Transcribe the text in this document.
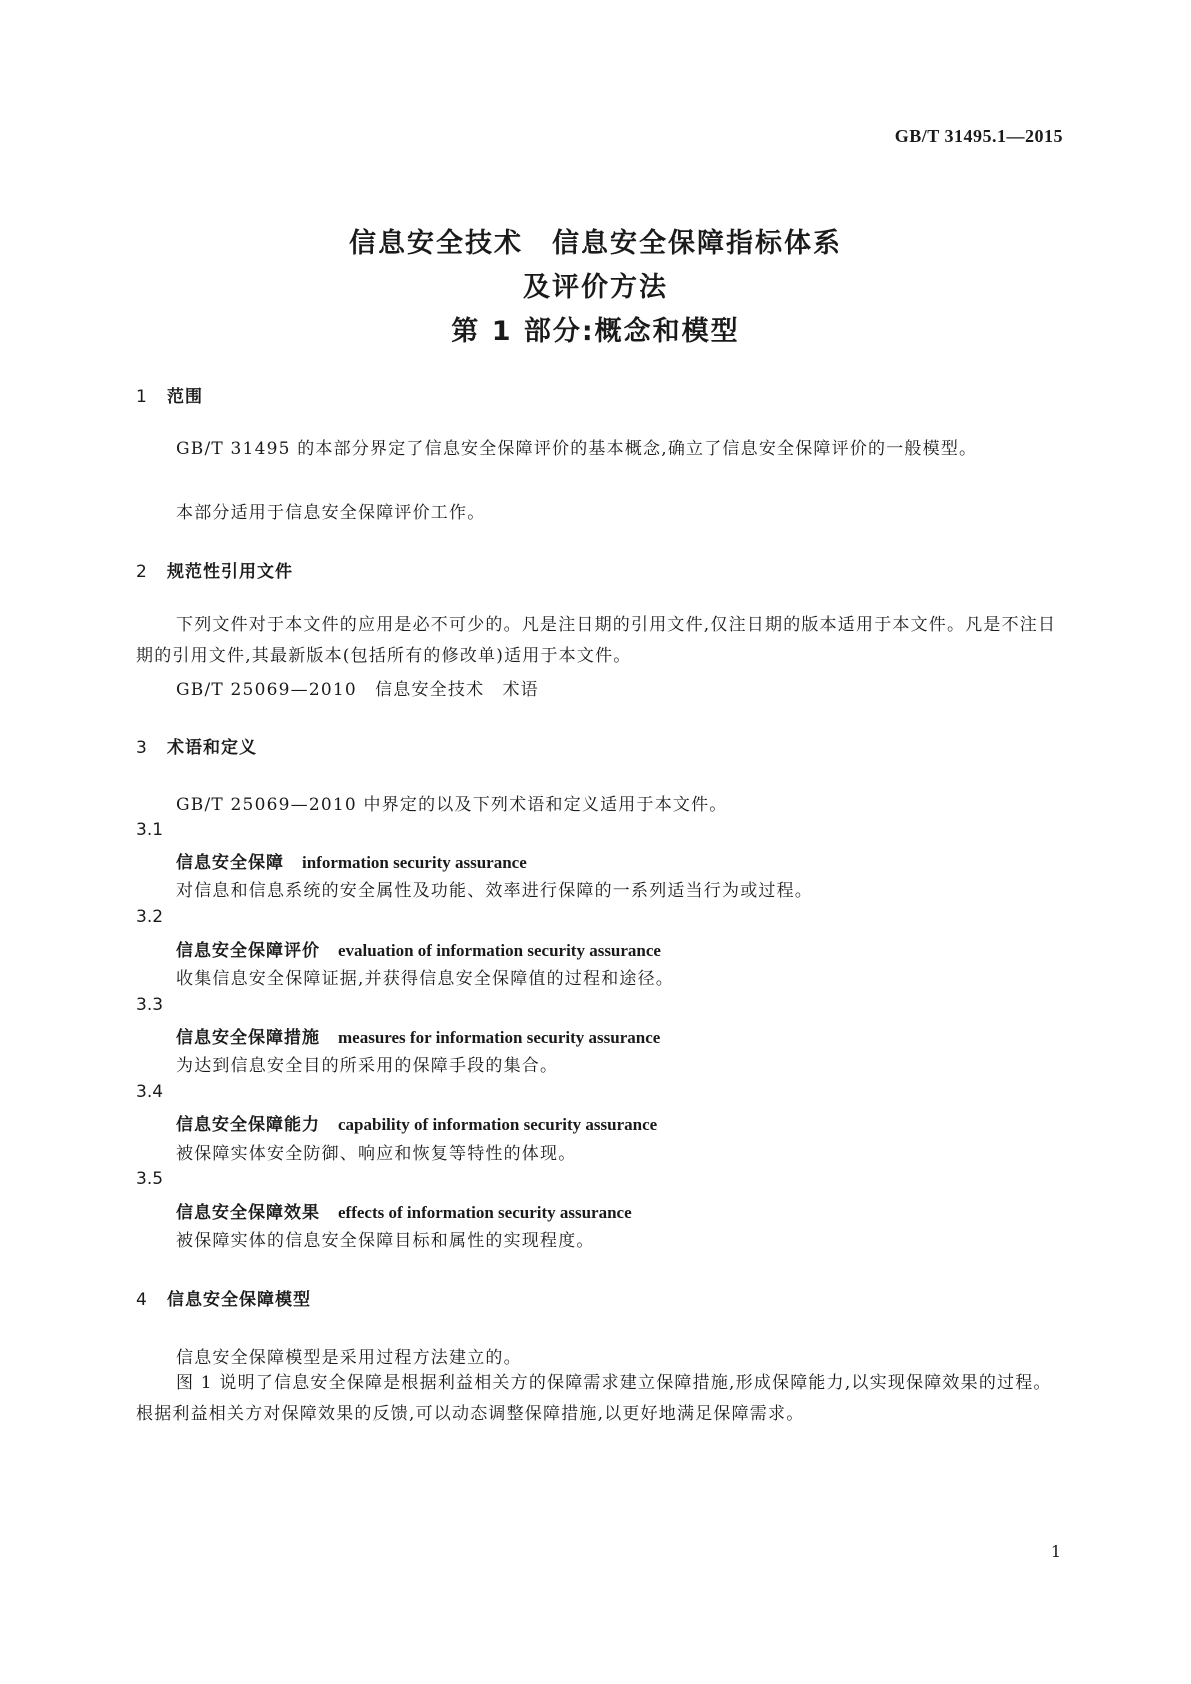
GB/T 31495.1—2015
信息安全技术　信息安全保障指标体系
及评价方法
第 1 部分:概念和模型
1 范围
GB/T 31495 的本部分界定了信息安全保障评价的基本概念,确立了信息安全保障评价的一般模型。
本部分适用于信息安全保障评价工作。
2 规范性引用文件
下列文件对于本文件的应用是必不可少的。凡是注日期的引用文件,仅注日期的版本适用于本文件。凡是不注日期的引用文件,其最新版本(包括所有的修改单)适用于本文件。
GB/T 25069—2010　信息安全技术　术语
3 术语和定义
GB/T 25069—2010 中界定的以及下列术语和定义适用于本文件。
3.1
信息安全保障 information security assurance
对信息和信息系统的安全属性及功能、效率进行保障的一系列适当行为或过程。
3.2
信息安全保障评价 evaluation of information security assurance
收集信息安全保障证据,并获得信息安全保障值的过程和途径。
3.3
信息安全保障措施 measures for information security assurance
为达到信息安全目的所采用的保障手段的集合。
3.4
信息安全保障能力 capability of information security assurance
被保障实体安全防御、响应和恢复等特性的体现。
3.5
信息安全保障效果 effects of information security assurance
被保障实体的信息安全保障目标和属性的实现程度。
4 信息安全保障模型
信息安全保障模型是采用过程方法建立的。
图 1 说明了信息安全保障是根据利益相关方的保障需求建立保障措施,形成保障能力,以实现保障效果的过程。根据利益相关方对保障效果的反馈,可以动态调整保障措施,以更好地满足保障需求。
1
